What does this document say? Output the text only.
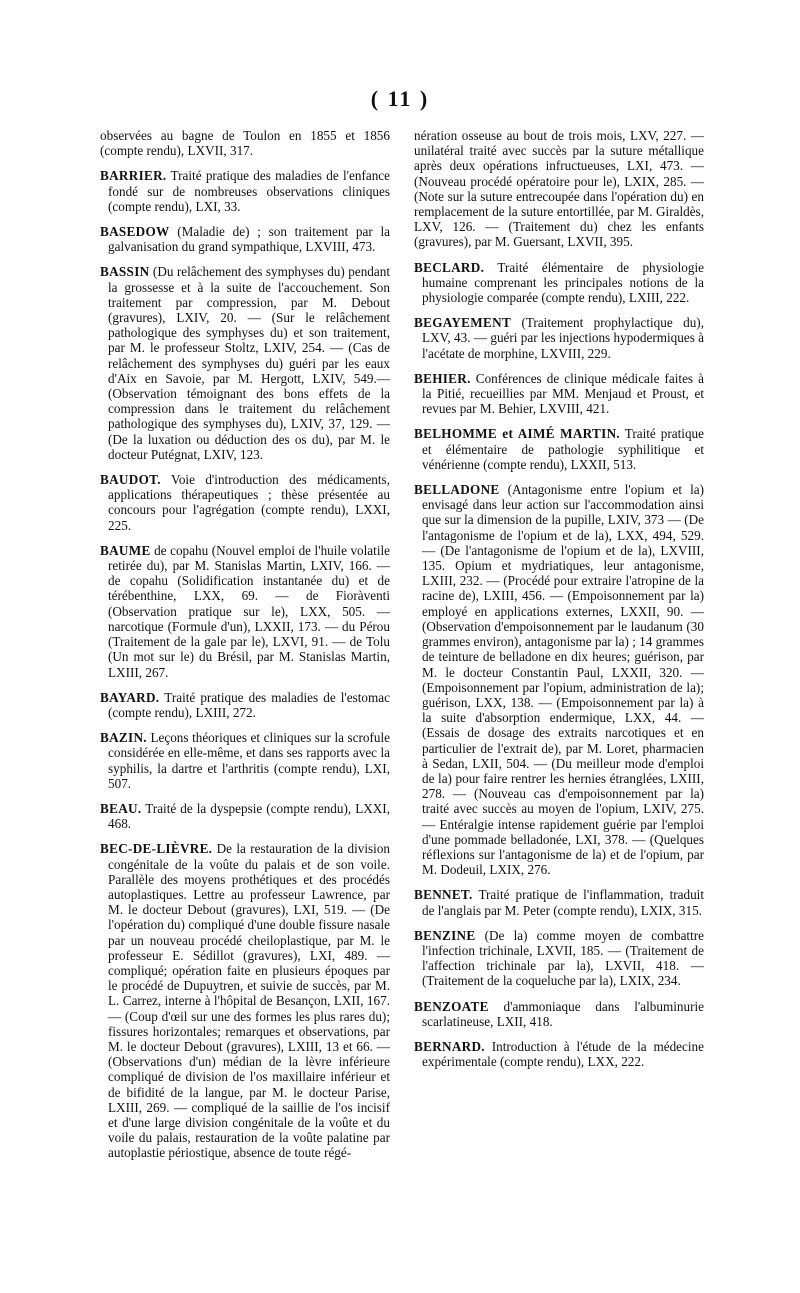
( 11 )

observées au bagne de Toulon en 1855 et 1856 (compte rendu), LXVII, 317.

BARRIER. Traité pratique des maladies de l'enfance fondé sur de nombreuses observations cliniques (compte rendu), LXI, 33.

BASEDOW (Maladie de) ; son traitement par la galvanisation du grand sympathique, LXVIII, 473.

BASSIN (Du relâchement des symphyses du) pendant la grossesse et à la suite de l'accouchement. Son traitement par compression, par M. Debout (gravures), LXIV, 20. — (Sur le relâchement pathologique des symphyses du) et son traitement, par M. le professeur Stoltz, LXIV, 254. — (Cas de relâchement des symphyses du) guéri par les eaux d'Aix en Savoie, par M. Hergott, LXIV, 549.—(Observation témoignant des bons effets de la compression dans le traitement du relâchement pathologique des symphyses du), LXIV, 37, 129. — (De la luxation ou déduction des os du), par M. le docteur Putégnat, LXIV, 123.

BAUDOT. Voie d'introduction des médicaments, applications thérapeutiques ; thèse présentée au concours pour l'agrégation (compte rendu), LXXI, 225.

BAUME de copahu (Nouvel emploi de l'huile volatile retirée du), par M. Stanislas Martin, LXIV, 166. — de copahu (Solidification instantanée du) et de térébenthine, LXX, 69. — de Fioràventi (Observation pratique sur le), LXX, 505. — narcotique (Formule d'un), LXXII, 173. — du Pérou (Traitement de la gale par le), LXVI, 91. — de Tolu (Un mot sur le) du Brésil, par M. Stanislas Martin, LXIII, 267.

BAYARD. Traité pratique des maladies de l'estomac (compte rendu), LXIII, 272.

BAZIN. Leçons théoriques et cliniques sur la scrofule considérée en elle-même, et dans ses rapports avec la syphilis, la dartre et l'arthritis (compte rendu), LXI, 507.

BEAU. Traité de la dyspepsie (compte rendu), LXXI, 468.

BEC-DE-LIÈVRE. De la restauration de la division congénitale de la voûte du palais et de son voile. Parallèle des moyens prothétiques et des procédés autoplastiques. Lettre au professeur Lawrence, par M. le docteur Debout (gravures), LXI, 519. — (De l'opération du) compliqué d'une double fissure nasale par un nouveau procédé cheiloplastique, par M. le professeur E. Sédillot (gravures), LXI, 489. — compliqué; opération faite en plusieurs époques par le procédé de Dupuytren, et suivie de succès, par M. L. Carrez, interne à l'hôpital de Besançon, LXII, 167. — (Coup d'œil sur une des formes les plus rares du); fissures horizontales; remarques et observations, par M. le docteur Debout (gravures), LXIII, 13 et 66. — (Observations d'un) médian de la lèvre inférieure compliqué de division de l'os maxillaire inférieur et de bifidité de la langue, par M. le docteur Parise, LXIII, 269. — compliqué de la saillie de l'os incisif et d'une large division congénitale de la voûte et du voile du palais, restauration de la voûte palatine par autoplastie périostique, absence de toute régé-

nération osseuse au bout de trois mois, LXV, 227. — unilatéral traité avec succès par la suture métallique après deux opérations infructueuses, LXI, 473. — (Nouveau procédé opératoire pour le), LXIX, 285. — (Note sur la suture entrecoupée dans l'opération du) en remplacement de la suture entortillée, par M. Giraldès, LXV, 126. — (Traitement du) chez les enfants (gravures), par M. Guersant, LXVII, 395.

BECLARD. Traité élémentaire de physiologie humaine comprenant les principales notions de la physiologie comparée (compte rendu), LXIII, 222.

BEGAYEMENT (Traitement prophylactique du), LXV, 43. — guéri par les injections hypodermiques à l'acétate de morphine, LXVIII, 229.

BEHIER. Conférences de clinique médicale faites à la Pitié, recueillies par MM. Menjaud et Proust, et revues par M. Behier, LXVIII, 421.

BELHOMME et AIMÉ MARTIN. Traité pratique et élémentaire de pathologie syphilitique et vénérienne (compte rendu), LXXII, 513.

BELLADONE (Antagonisme entre l'opium et la) envisagé dans leur action sur l'accommodation ainsi que sur la dimension de la pupille, LXIV, 373 — (De l'antagonisme de l'opium et de la), LXX, 494, 529. — (De l'antagonisme de l'opium et de la), LXVIII, 135. Opium et mydriatiques, leur antagonisme, LXIII, 232. — (Procédé pour extraire l'atropine de la racine de), LXIII, 456. — (Empoisonnement par la) employé en applications externes, LXXII, 90. — (Observation d'empoisonnement par le laudanum (30 grammes environ), antagonisme par la) ; 14 grammes de teinture de belladone en dix heures; guérison, par M. le docteur Constantin Paul, LXXII, 320. — (Empoisonnement par l'opium, administration de la); guérison, LXX, 138. — (Empoisonnement par la) à la suite d'absorption endermique, LXX, 44. — (Essais de dosage des extraits narcotiques et en particulier de l'extrait de), par M. Loret, pharmacien à Sedan, LXII, 504. — (Du meilleur mode d'emploi de la) pour faire rentrer les hernies étranglées, LXIII, 278. — (Nouveau cas d'empoisonnement par la) traité avec succès au moyen de l'opium, LXIV, 275. — Entéralgie intense rapidement guérie par l'emploi d'une pommade belladonée, LXI, 378. — (Quelques réflexions sur l'antagonisme de la) et de l'opium, par M. Dodeuil, LXIX, 276.

BENNET. Traité pratique de l'inflammation, traduit de l'anglais par M. Peter (compte rendu), LXIX, 315.

BENZINE (De la) comme moyen de combattre l'infection trichinale, LXVII, 185. — (Traitement de l'affection trichinale par la), LXVII, 418. — (Traitement de la coqueluche par la), LXIX, 234.

BENZOATE d'ammoniaque dans l'albuminurie scarlatineuse, LXII, 418.

BERNARD. Introduction à l'étude de la médecine expérimentale (compte rendu), LXX, 222.
